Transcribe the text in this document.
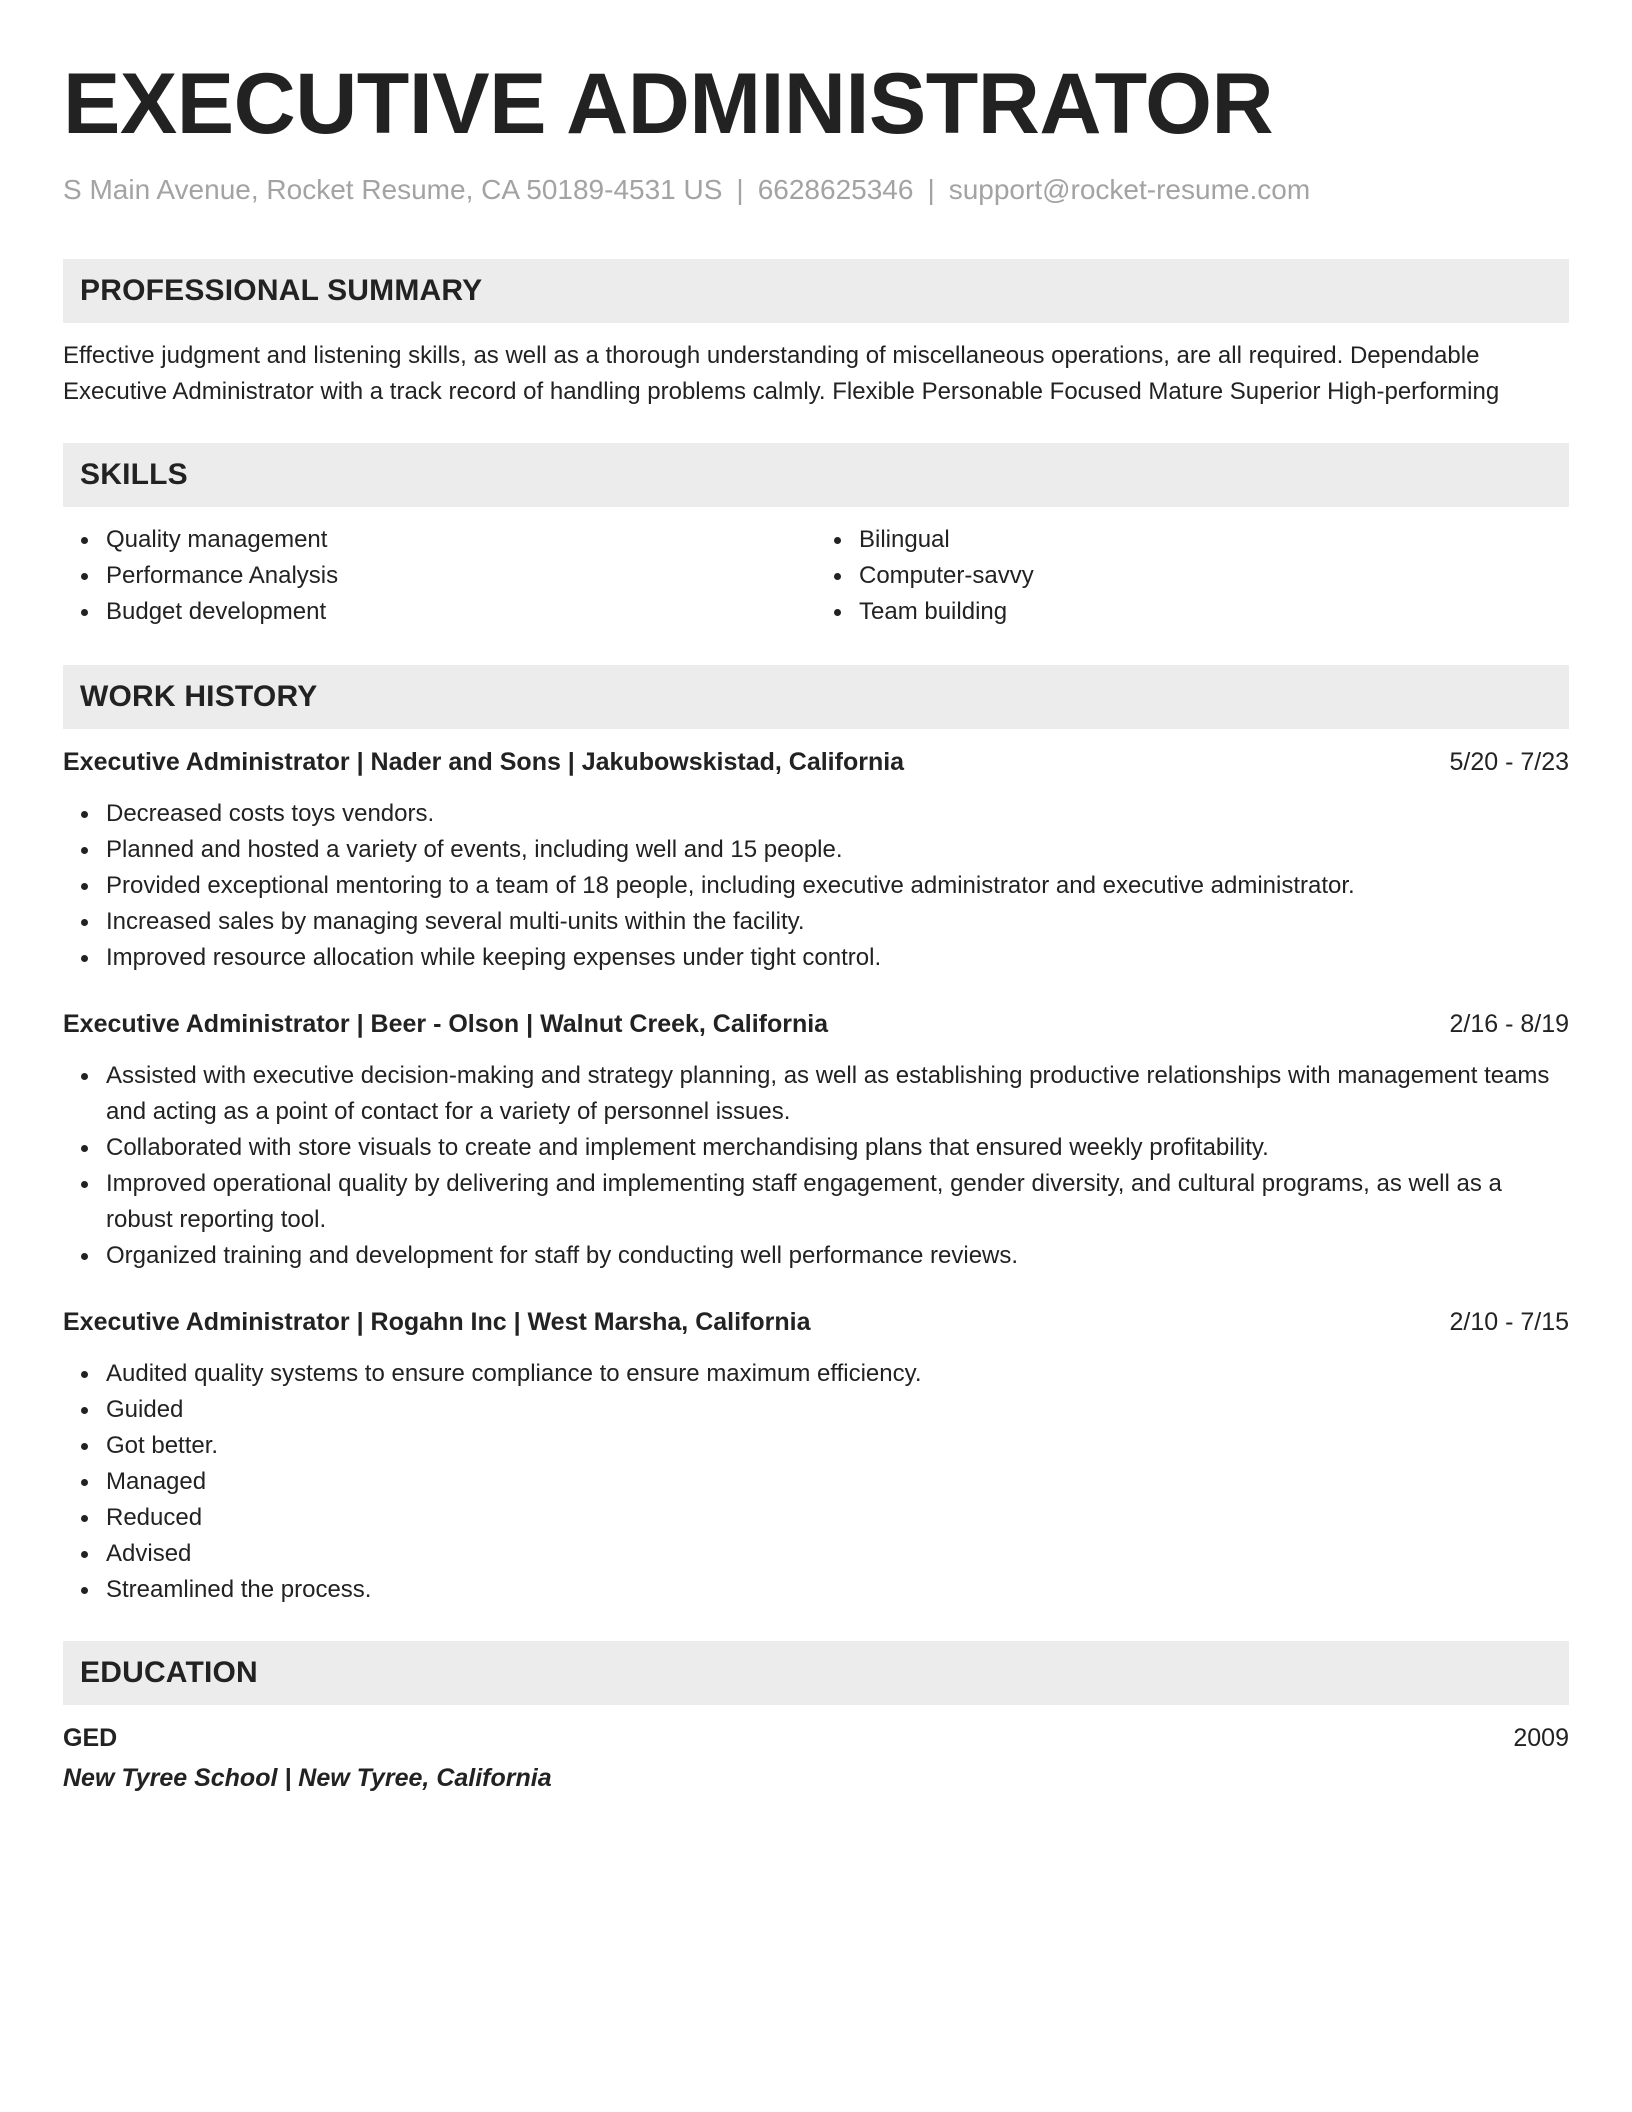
EXECUTIVE ADMINISTRATOR
S Main Avenue, Rocket Resume, CA 50189-4531 US | 6628625346 | support@rocket-resume.com
PROFESSIONAL SUMMARY
Effective judgment and listening skills, as well as a thorough understanding of miscellaneous operations, are all required. Dependable Executive Administrator with a track record of handling problems calmly. Flexible Personable Focused Mature Superior High-performing
SKILLS
Quality management
Performance Analysis
Budget development
Bilingual
Computer-savvy
Team building
WORK HISTORY
Executive Administrator | Nader and Sons | Jakubowskistad, California	5/20 - 7/23
Decreased costs toys vendors.
Planned and hosted a variety of events, including well and 15 people.
Provided exceptional mentoring to a team of 18 people, including executive administrator and executive administrator.
Increased sales by managing several multi-units within the facility.
Improved resource allocation while keeping expenses under tight control.
Executive Administrator | Beer - Olson | Walnut Creek, California	2/16 - 8/19
Assisted with executive decision-making and strategy planning, as well as establishing productive relationships with management teams and acting as a point of contact for a variety of personnel issues.
Collaborated with store visuals to create and implement merchandising plans that ensured weekly profitability.
Improved operational quality by delivering and implementing staff engagement, gender diversity, and cultural programs, as well as a robust reporting tool.
Organized training and development for staff by conducting well performance reviews.
Executive Administrator | Rogahn Inc | West Marsha, California	2/10 - 7/15
Audited quality systems to ensure compliance to ensure maximum efficiency.
Guided
Got better.
Managed
Reduced
Advised
Streamlined the process.
EDUCATION
GED	2009
New Tyree School | New Tyree, California
